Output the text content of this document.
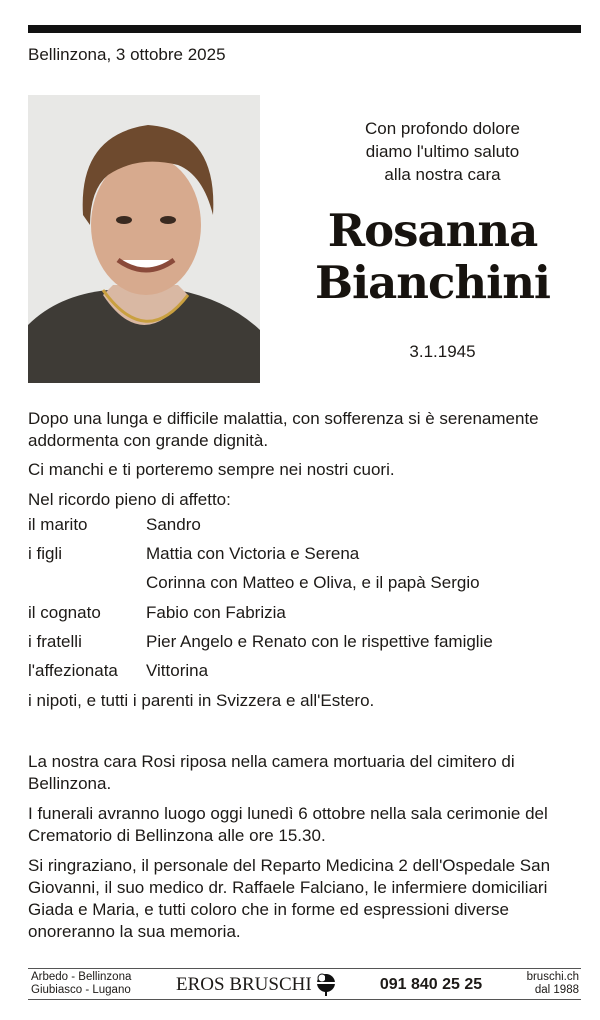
Bellinzona, 3 ottobre 2025
Con profondo dolore
diamo l'ultimo saluto
alla nostra cara
Rosanna
Bianchini
3.1.1945

Dopo una lunga e difficile malattia, con sofferenza si è serenamente addormenta con grande dignità.

Ci manchi e ti porteremo sempre nei nostri cuori.

Nel ricordo pieno di affetto:

il marito	Sandro
i figli	Mattia con Victoria e Serena
Corinna con Matteo e Oliva, e il papà Sergio
il cognato	Fabio con Fabrizia
i fratelli	Pier Angelo e Renato con le rispettive famiglie
l'affezionata	Vittorina
i nipoti, e tutti i parenti in Svizzera e all'Estero.

La nostra cara Rosi riposa nella camera mortuaria del cimitero di Bellinzona.

I funerali avranno luogo oggi lunedì 6 ottobre nella sala cerimonie del Crematorio di Bellinzona alle ore 15.30.

Si ringraziano, il personale del Reparto Medicina 2 dell'Ospedale San Giovanni, il suo medico dr. Raffaele Falciano, le infermiere domiciliari Giada e Maria, e tutti coloro che in forme ed espressioni diverse onoreranno la sua memoria.

Arbedo - Bellinzona
Giubiasco - Lugano	EROS BRUSCHI	091 840 25 25	bruschi.ch
dal 1988
